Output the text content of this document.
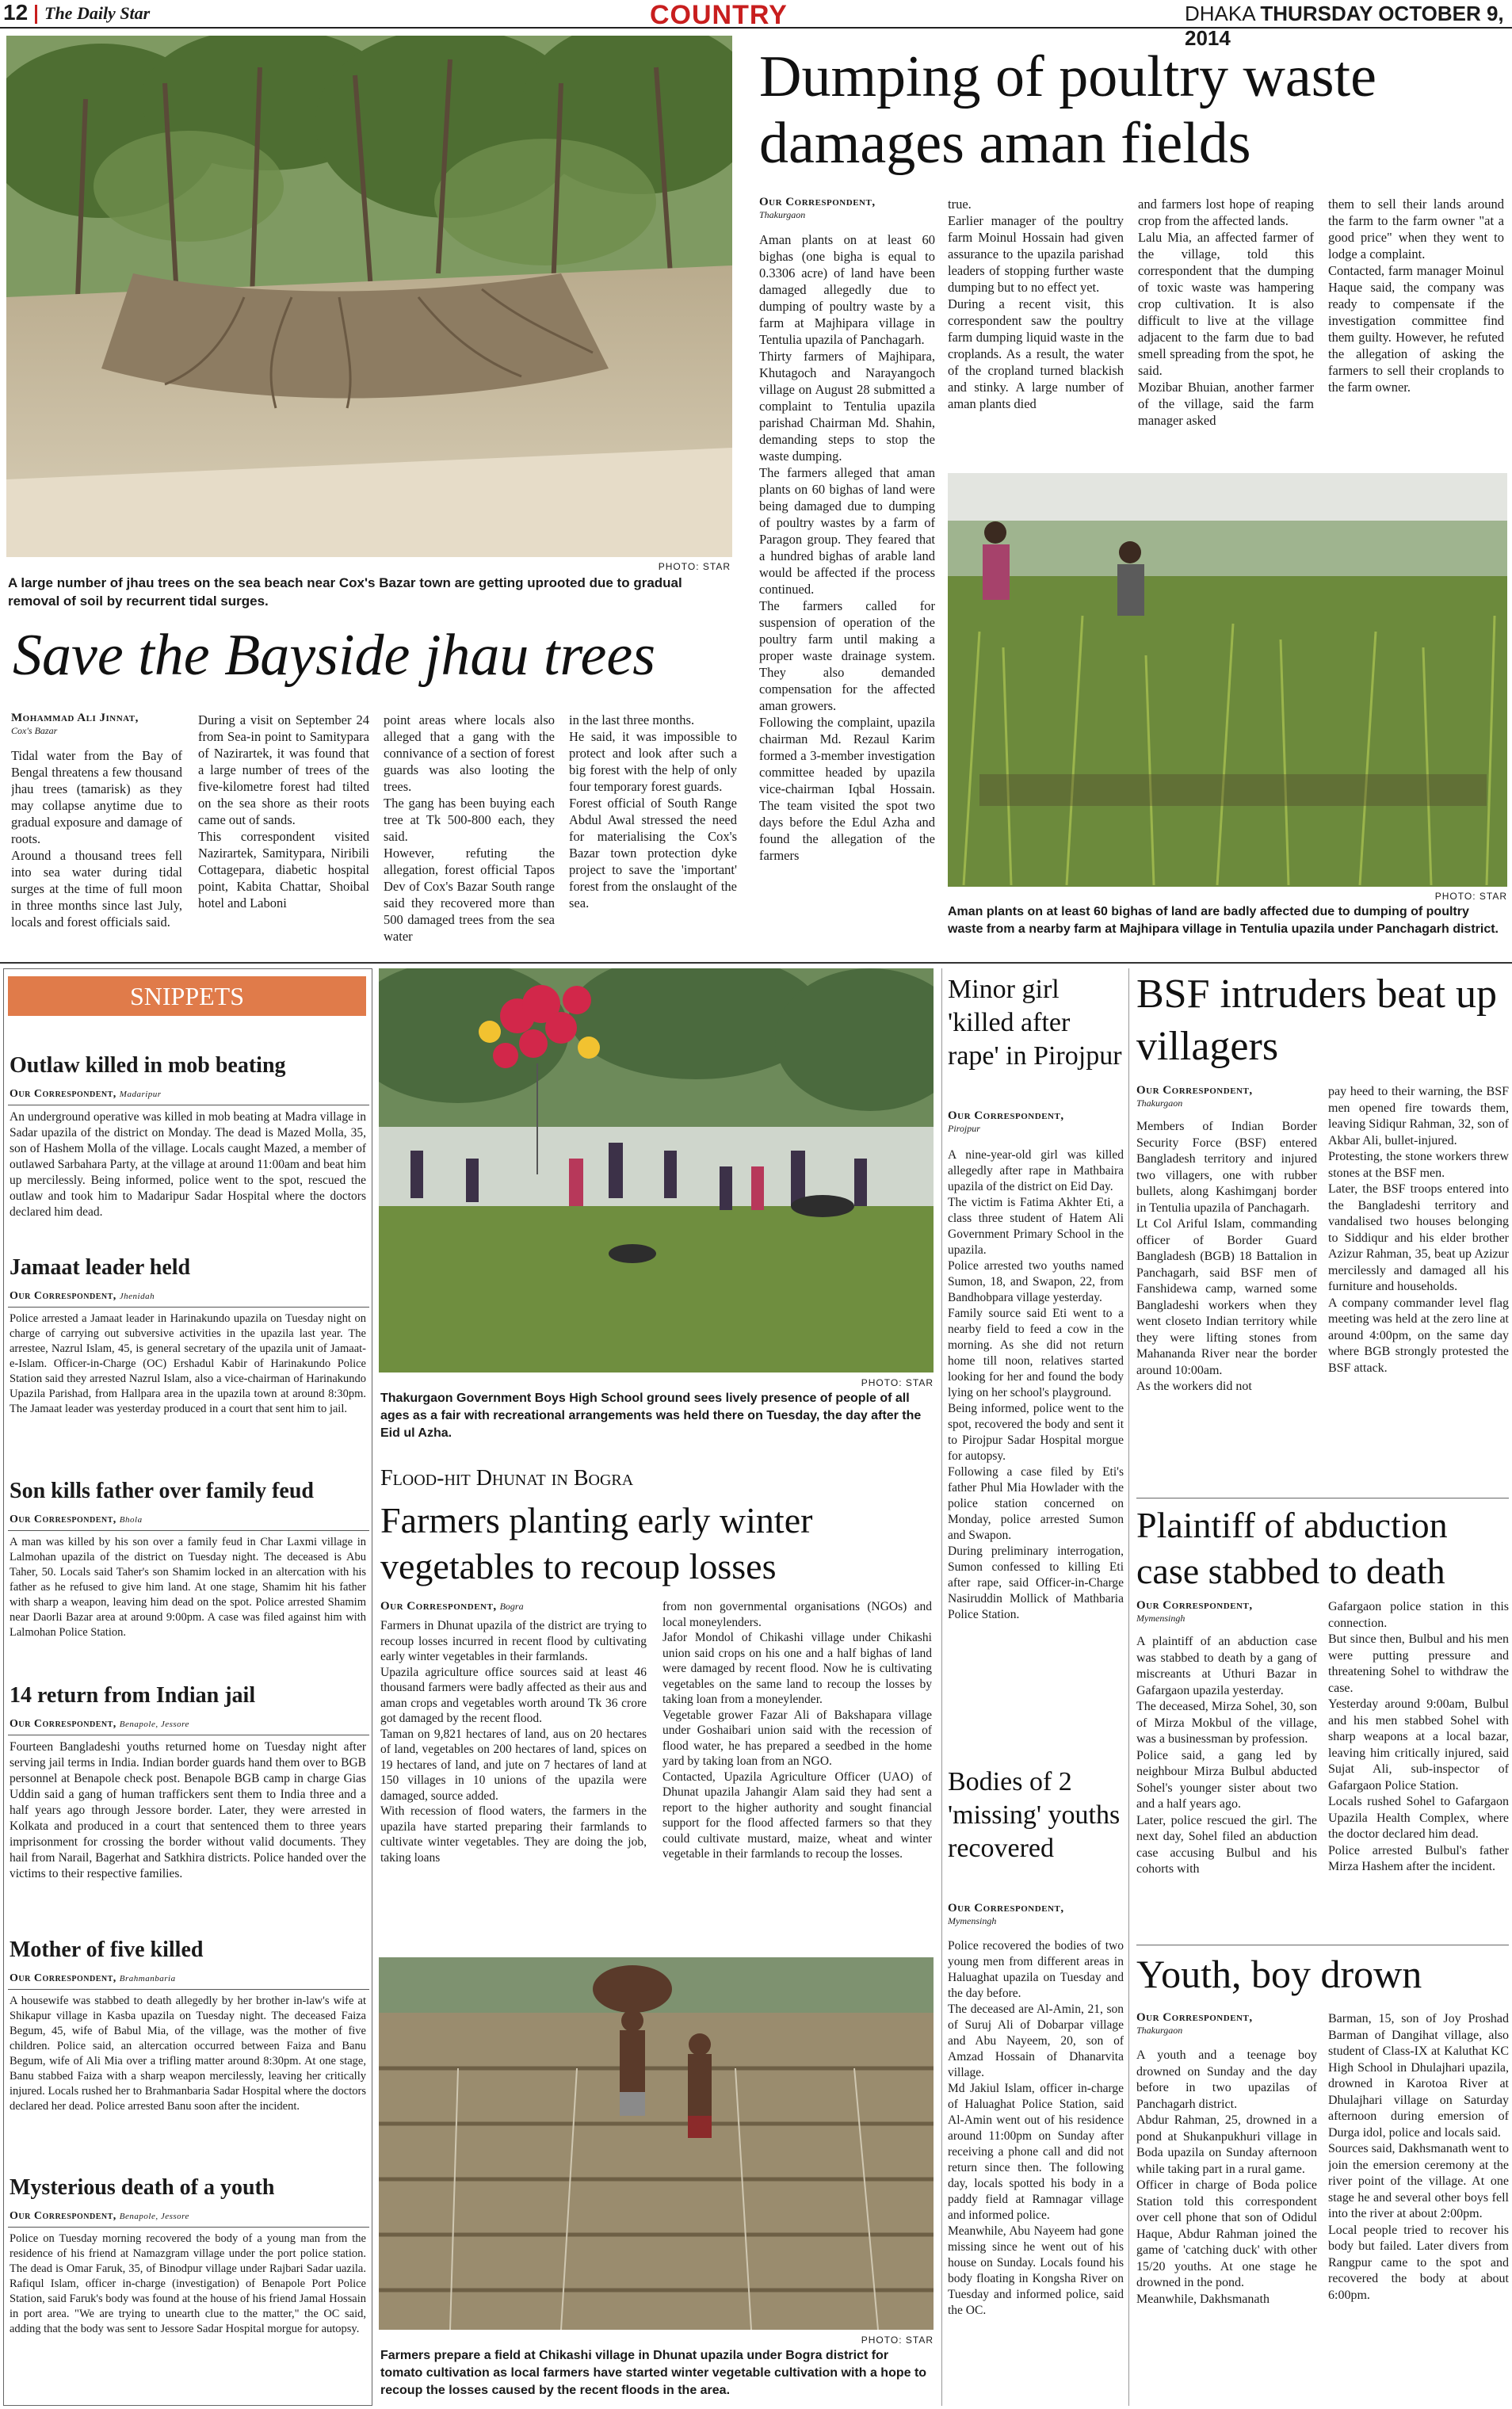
12 The Daily Star	COUNTRY	DHAKA THURSDAY OCTOBER 9, 2014
PHOTO: STAR
A large number of jhau trees on the sea beach near Cox's Bazar town are getting uprooted due to gradual removal of soil by recurrent tidal surges.
Save the Bayside jhau trees
Mohammad Ali Jinnat,
Cox's Bazar
Tidal water from the Bay of Bengal threatens a few thousand jhau trees (tamarisk) as they may collapse anytime due to gradual exposure and damage of roots.
Around a thousand trees fell into sea water during tidal surges at the time of full moon in three months since last July, locals and forest officials said.
During a visit on September 24 from Sea-in point to Samitypara of Nazirartek, it was found that a large number of trees of the five-kilometre forest had tilted on the sea shore as their roots came out of sands.
This correspondent visited Nazirartek, Samitypara, Niribili Cottagepara, diabetic hospital point, Kabita Chattar, Shoibal hotel and Laboni
point areas where locals also alleged that a gang with the connivance of a section of forest guards was also looting the trees.
The gang has been buying each tree at Tk 500-800 each, they said.
However, refuting the allegation, forest official Tapos Dev of Cox's Bazar South range said they recovered more than 500 damaged trees from the sea water
in the last three months.
He said, it was impossible to protect and look after such a big forest with the help of only four temporary forest guards.
Forest official of South Range Abdul Awal stressed the need for materialising the Cox's Bazar town protection dyke project to save the 'important' forest from the onslaught of the sea.
Dumping of poultry waste damages aman fields
Our Correspondent,
Thakurgaon
Aman plants on at least 60 bighas (one bigha is equal to 0.3306 acre) of land have been damaged allegedly due to dumping of poultry waste by a farm at Majhipara village in Tentulia upazila of Panchagarh.
Thirty farmers of Majhipara, Khutagoch and Narayangoch village on August 28 submitted a complaint to Tentulia upazila parishad Chairman Md. Shahin, demanding steps to stop the waste dumping.
The farmers alleged that aman plants on 60 bighas of land were being damaged due to dumping of poultry wastes by a farm of Paragon group. They feared that a hundred bighas of arable land would be affected if the process continued.
The farmers called for suspension of operation of the poultry farm until making a proper waste drainage system. They also demanded compensation for the affected aman growers.
Following the complaint, upazila chairman Md. Rezaul Karim formed a 3-member investigation committee headed by upazila vice-chairman Iqbal Hossain. The team visited the spot two days before the Edul Azha and found the allegation of the farmers
true.
Earlier manager of the poultry farm Moinul Hossain had given assurance to the upazila parishad leaders of stopping further waste dumping but to no effect yet.
During a recent visit, this correspondent saw the poultry farm dumping liquid waste in the croplands. As a result, the water of the cropland turned blackish and stinky. A large number of aman plants died
and farmers lost hope of reaping crop from the affected lands.
Lalu Mia, an affected farmer of the village, told this correspondent that the dumping of toxic waste was hampering crop cultivation. It is also difficult to live at the village adjacent to the farm due to bad smell spreading from the spot, he said.
Mozibar Bhuian, another farmer of the village, said the farm manager asked
them to sell their lands around the farm to the farm owner "at a good price" when they went to lodge a complaint.
Contacted, farm manager Moinul Haque said, the company was ready to compensate if the investigation committee find them guilty. However, he refuted the allegation of asking the farmers to sell their croplands to the farm owner.
PHOTO: STAR
Aman plants on at least 60 bighas of land are badly affected due to dumping of poultry waste from a nearby farm at Majhipara village in Tentulia upazila under Panchagarh district.
SNIPPETS
Outlaw killed in mob beating
Our Correspondent, Madaripur
An underground operative was killed in mob beating at Madra village in Sadar upazila of the district on Monday. The dead is Mazed Molla, 35, son of Hashem Molla of the village. Locals caught Mazed, a member of outlawed Sarbahara Party, at the village at around 11:00am and beat him up mercilessly. Being informed, police went to the spot, rescued the outlaw and took him to Madaripur Sadar Hospital where the doctors declared him dead.
Jamaat leader held
Our Correspondent, Jhenidah
Police arrested a Jamaat leader in Harinakundo upazila on Tuesday night on charge of carrying out subversive activities in the upazila last year. The arrestee, Nazrul Islam, 45, is general secretary of the upazila unit of Jamaat-e-Islam. Officer-in-Charge (OC) Ershadul Kabir of Harinakundo Police Station said they arrested Nazrul Islam, also a vice-chairman of Harinakundo Upazila Parishad, from Hallpara area in the upazila town at around 8:30pm. The Jamaat leader was yesterday produced in a court that sent him to jail.
Son kills father over family feud
Our Correspondent, Bhola
A man was killed by his son over a family feud in Char Laxmi village in Lalmohan upazila of the district on Tuesday night. The deceased is Abu Taher, 50. Locals said Taher's son Shamim locked in an altercation with his father as he refused to give him land. At one stage, Shamim hit his father with sharp a weapon, leaving him dead on the spot. Police arrested Shamim near Daorli Bazar area at around 9:00pm. A case was filed against him with Lalmohan Police Station.
14 return from Indian jail
Our Correspondent, Benapole, Jessore
Fourteen Bangladeshi youths returned home on Tuesday night after serving jail terms in India. Indian border guards hand them over to BGB personnel at Benapole check post. Benapole BGB camp in charge Gias Uddin said a gang of human traffickers sent them to India three and a half years ago through Jessore border. Later, they were arrested in Kolkata and produced in a court that sentenced them to three years imprisonment for crossing the border without valid documents. They hail from Narail, Bagerhat and Satkhira districts. Police handed over the victims to their respective families.
Mother of five killed
Our Correspondent, Brahmanbaria
A housewife was stabbed to death allegedly by her brother in-law's wife at Shikapur village in Kasba upazila on Tuesday night. The deceased Faiza Begum, 45, wife of Babul Mia, of the village, was the mother of five children. Police said, an altercation occurred between Faiza and Banu Begum, wife of Ali Mia over a trifling matter around 8:30pm. At one stage, Banu stabbed Faiza with a sharp weapon mercilessly, leaving her critically injured. Locals rushed her to Brahmanbaria Sadar Hospital where the doctors declared her dead. Police arrested Banu soon after the incident.
Mysterious death of a youth
Our Correspondent, Benapole, Jessore
Police on Tuesday morning recovered the body of a young man from the residence of his friend at Namazgram village under the port police station. The dead is Omar Faruk, 35, of Binodpur village under Rajbari Sadar uazila. Rafiqul Islam, officer in-charge (investigation) of Benapole Port Police Station, said Faruk's body was found at the house of his friend Jamal Hossain in port area. "We are trying to unearth clue to the matter," the OC said, adding that the body was sent to Jessore Sadar Hospital morgue for autopsy.
PHOTO: STAR
Thakurgaon Government Boys High School ground sees lively presence of people of all ages as a fair with recreational arrangements was held there on Tuesday, the day after the Eid ul Azha.
Flood-hit Dhunat in Bogra
Farmers planting early winter vegetables to recoup losses
Our Correspondent, Bogra
Farmers in Dhunat upazila of the district are trying to recoup losses incurred in recent flood by cultivating early winter vegetables in their farmlands.
Upazila agriculture office sources said at least 46 thousand farmers were badly affected as their aus and aman crops and vegetables worth around Tk 36 crore got damaged by the recent flood.
Taman on 9,821 hectares of land, aus on 20 hectares of land, vegetables on 200 hectares of land, spices on 19 hectares of land, and jute on 7 hectares of land at 150 villages in 10 unions of the upazila were damaged, source added.
With recession of flood waters, the farmers in the upazila have started preparing their farmlands to cultivate winter vegetables. They are doing the job, taking loans
from non governmental organisations (NGOs) and local moneylenders.
Jafor Mondol of Chikashi village under Chikashi union said crops on his one and a half bighas of land were damaged by recent flood. Now he is cultivating vegetables on the same land to recoup the losses by taking loan from a moneylender.
Vegetable grower Fazar Ali of Bakshapara village under Goshaibari union said with the recession of flood water, he has prepared a seedbed in the home yard by taking loan from an NGO.
Contacted, Upazila Agriculture Officer (UAO) of Dhunat upazila Jahangir Alam said they had sent a report to the higher authority and sought financial support for the flood affected farmers so that they could cultivate mustard, maize, wheat and winter vegetable in their farmlands to recoup the losses.
PHOTO: STAR
Farmers prepare a field at Chikashi village in Dhunat upazila under Bogra district for tomato cultivation as local farmers have started winter vegetable cultivation with a hope to recoup the losses caused by the recent floods in the area.
Minor girl 'killed after rape' in Pirojpur
Our Correspondent,
Pirojpur
A nine-year-old girl was killed allegedly after rape in Mathbaira upazila of the district on Eid Day.
The victim is Fatima Akhter Eti, a class three student of Hatem Ali Government Primary School in the upazila.
Police arrested two youths named Sumon, 18, and Swapon, 22, from Bandhobpara village yesterday.
Family source said Eti went to a nearby field to feed a cow in the morning. As she did not return home till noon, relatives started looking for her and found the body lying on her school's playground.
Being informed, police went to the spot, recovered the body and sent it to Pirojpur Sadar Hospital morgue for autopsy.
Following a case filed by Eti's father Phul Mia Howlader with the police station concerned on Monday, police arrested Sumon and Swapon.
During preliminary interrogation, Sumon confessed to killing Eti after rape, said Officer-in-Charge Nasiruddin Mollick of Mathbaria Police Station.
Bodies of 2 'missing' youths recovered
Our Correspondent,
Mymensingh
Police recovered the bodies of two young men from different areas in Haluaghat upazila on Tuesday and the day before.
The deceased are Al-Amin, 21, son of Suruj Ali of Dobarpar village and Abu Nayeem, 20, son of Amzad Hossain of Dhanarvita village.
Md Jakiul Islam, officer in-charge of Haluaghat Police Station, said Al-Amin went out of his residence around 11:00pm on Sunday after receiving a phone call and did not return since then. The following day, locals spotted his body in a paddy field at Ramnagar village and informed police.
Meanwhile, Abu Nayeem had gone missing since he went out of his house on Sunday. Locals found his body floating in Kongsha River on Tuesday and informed police, said the OC.
BSF intruders beat up villagers
Our Correspondent,
Thakurgaon
Members of Indian Border Security Force (BSF) entered Bangladesh territory and injured two villagers, one with rubber bullets, along Kashimganj border in Tentulia upazila of Panchagarh.
Lt Col Ariful Islam, commanding officer of Border Guard Bangladesh (BGB) 18 Battalion in Panchagarh, said BSF men of Fanshidewa camp, warned some Bangladeshi workers when they went closeto Indian territory while they were lifting stones from Mahananda River near the border around 10:00am.
As the workers did not
pay heed to their warning, the BSF men opened fire towards them, leaving Sidiqur Rahman, 32, son of Akbar Ali, bullet-injured.
Protesting, the stone workers threw stones at the BSF men.
Later, the BSF troops entered into the Bangladeshi territory and vandalised two houses belonging to Siddiqur and his elder brother Azizur Rahman, 35, beat up Azizur mercilessly and damaged all his furniture and households.
A company commander level flag meeting was held at the zero line at around 4:00pm, on the same day where BGB strongly protested the BSF attack.
Plaintiff of abduction case stabbed to death
Our Correspondent,
Mymensingh
A plaintiff of an abduction case was stabbed to death by a gang of miscreants at Uthuri Bazar in Gafargaon upazila yesterday.
The deceased, Mirza Sohel, 30, son of Mirza Mokbul of the village, was a businessman by profession.
Police said, a gang led by neighbour Mirza Bulbul abducted Sohel's younger sister about two and a half years ago.
Later, police rescued the girl. The next day, Sohel filed an abduction case accusing Bulbul and his cohorts with
Gafargaon police station in this connection.
But since then, Bulbul and his men were putting pressure and threatening Sohel to withdraw the case.
Yesterday around 9:00am, Bulbul and his men stabbed Sohel with sharp weapons at a local bazar, leaving him critically injured, said Sujat Ali, sub-inspector of Gafargaon Police Station.
Locals rushed Sohel to Gafargaon Upazila Health Complex, where the doctor declared him dead.
Police arrested Bulbul's father Mirza Hashem after the incident.
Youth, boy drown
Our Correspondent,
Thakurgaon
A youth and a teenage boy drowned on Sunday and the day before in two upazilas of Panchagarh district.
Abdur Rahman, 25, drowned in a pond at Shukanpukhuri village in Boda upazila on Sunday afternoon while taking part in a rural game.
Officer in charge of Boda police Station told this correspondent over cell phone that son of Odidul Haque, Abdur Rahman joined the game of 'catching duck' with other 15/20 youths. At one stage he drowned in the pond.
Meanwhile, Dakhsmanath
Barman, 15, son of Joy Proshad Barman of Dangihat village, also student of Class-IX at Kaluthat KC High School in Dhulajhari upazila, drowned in Karotoa River at Dhulajhari village on Saturday afternoon during emersion of Durga idol, police and locals said.
Sources said, Dakhsmanath went to join the emersion ceremony at the river point of the village. At one stage he and several other boys fell into the river at about 2:00pm.
Local people tried to recover his body but failed. Later divers from Rangpur came to the spot and recovered the body at about 6:00pm.
